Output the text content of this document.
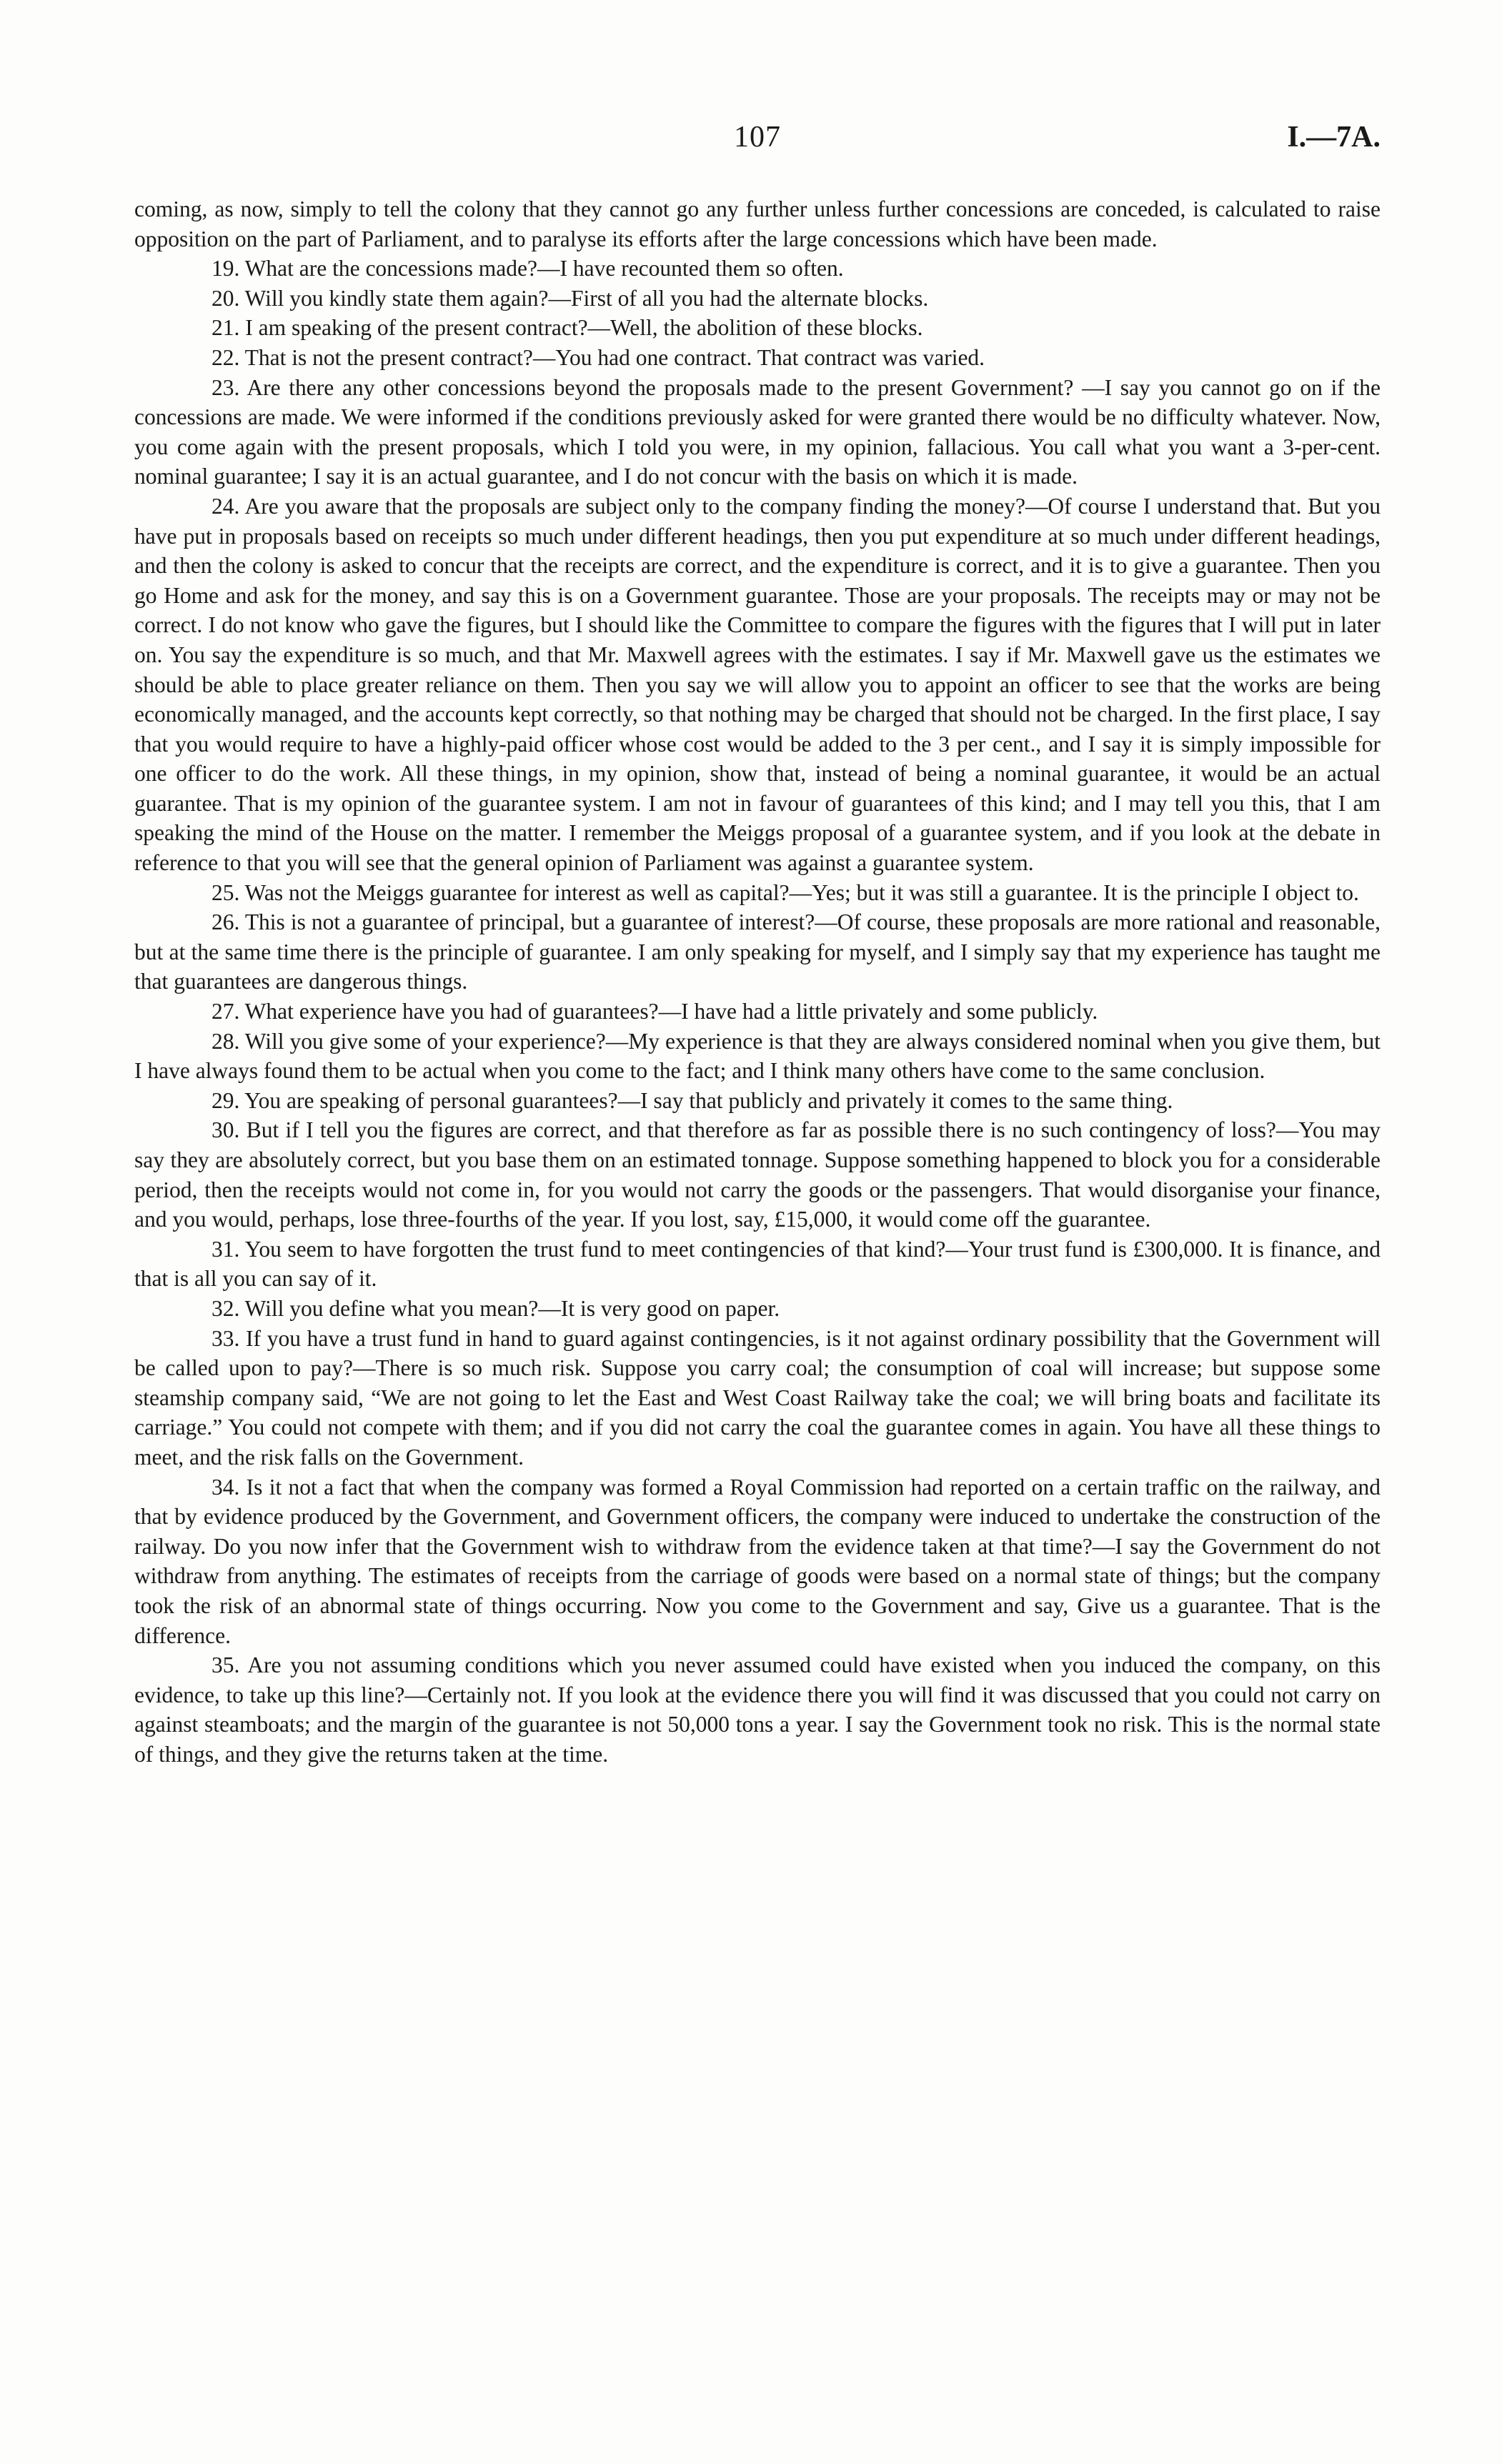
107	I.—7A.

coming, as now, simply to tell the colony that they cannot go any further unless further concessions are conceded, is calculated to raise opposition on the part of Parliament, and to paralyse its efforts after the large concessions which have been made.

19. What are the concessions made?—I have recounted them so often.

20. Will you kindly state them again?—First of all you had the alternate blocks.

21. I am speaking of the present contract?—Well, the abolition of these blocks.

22. That is not the present contract?—You had one contract. That contract was varied.

23. Are there any other concessions beyond the proposals made to the present Government? —I say you cannot go on if the concessions are made. We were informed if the conditions previously asked for were granted there would be no difficulty whatever. Now, you come again with the present proposals, which I told you were, in my opinion, fallacious. You call what you want a 3-per-cent. nominal guarantee; I say it is an actual guarantee, and I do not concur with the basis on which it is made.

24. Are you aware that the proposals are subject only to the company finding the money?—Of course I understand that. But you have put in proposals based on receipts so much under different headings, then you put expenditure at so much under different headings, and then the colony is asked to concur that the receipts are correct, and the expenditure is correct, and it is to give a guarantee. Then you go Home and ask for the money, and say this is on a Government guarantee. Those are your proposals. The receipts may or may not be correct. I do not know who gave the figures, but I should like the Committee to compare the figures with the figures that I will put in later on. You say the expenditure is so much, and that Mr. Maxwell agrees with the estimates. I say if Mr. Maxwell gave us the estimates we should be able to place greater reliance on them. Then you say we will allow you to appoint an officer to see that the works are being economically managed, and the accounts kept correctly, so that nothing may be charged that should not be charged. In the first place, I say that you would require to have a highly-paid officer whose cost would be added to the 3 per cent., and I say it is simply impossible for one officer to do the work. All these things, in my opinion, show that, instead of being a nominal guarantee, it would be an actual guarantee. That is my opinion of the guarantee system. I am not in favour of guarantees of this kind; and I may tell you this, that I am speaking the mind of the House on the matter. I remember the Meiggs proposal of a guarantee system, and if you look at the debate in reference to that you will see that the general opinion of Parliament was against a guarantee system.

25. Was not the Meiggs guarantee for interest as well as capital?—Yes; but it was still a guarantee. It is the principle I object to.

26. This is not a guarantee of principal, but a guarantee of interest?—Of course, these proposals are more rational and reasonable, but at the same time there is the principle of guarantee. I am only speaking for myself, and I simply say that my experience has taught me that guarantees are dangerous things.

27. What experience have you had of guarantees?—I have had a little privately and some publicly.

28. Will you give some of your experience?—My experience is that they are always considered nominal when you give them, but I have always found them to be actual when you come to the fact; and I think many others have come to the same conclusion.

29. You are speaking of personal guarantees?—I say that publicly and privately it comes to the same thing.

30. But if I tell you the figures are correct, and that therefore as far as possible there is no such contingency of loss?—You may say they are absolutely correct, but you base them on an estimated tonnage. Suppose something happened to block you for a considerable period, then the receipts would not come in, for you would not carry the goods or the passengers. That would disorganise your finance, and you would, perhaps, lose three-fourths of the year. If you lost, say, £15,000, it would come off the guarantee.

31. You seem to have forgotten the trust fund to meet contingencies of that kind?—Your trust fund is £300,000. It is finance, and that is all you can say of it.

32. Will you define what you mean?—It is very good on paper.

33. If you have a trust fund in hand to guard against contingencies, is it not against ordinary possibility that the Government will be called upon to pay?—There is so much risk. Suppose you carry coal; the consumption of coal will increase; but suppose some steamship company said, “We are not going to let the East and West Coast Railway take the coal; we will bring boats and facilitate its carriage.” You could not compete with them; and if you did not carry the coal the guarantee comes in again. You have all these things to meet, and the risk falls on the Government.

34. Is it not a fact that when the company was formed a Royal Commission had reported on a certain traffic on the railway, and that by evidence produced by the Government, and Government officers, the company were induced to undertake the construction of the railway. Do you now infer that the Government wish to withdraw from the evidence taken at that time?—I say the Government do not withdraw from anything. The estimates of receipts from the carriage of goods were based on a normal state of things; but the company took the risk of an abnormal state of things occurring. Now you come to the Government and say, Give us a guarantee. That is the difference.

35. Are you not assuming conditions which you never assumed could have existed when you induced the company, on this evidence, to take up this line?—Certainly not. If you look at the evidence there you will find it was discussed that you could not carry on against steamboats; and the margin of the guarantee is not 50,000 tons a year. I say the Government took no risk. This is the normal state of things, and they give the returns taken at the time.
